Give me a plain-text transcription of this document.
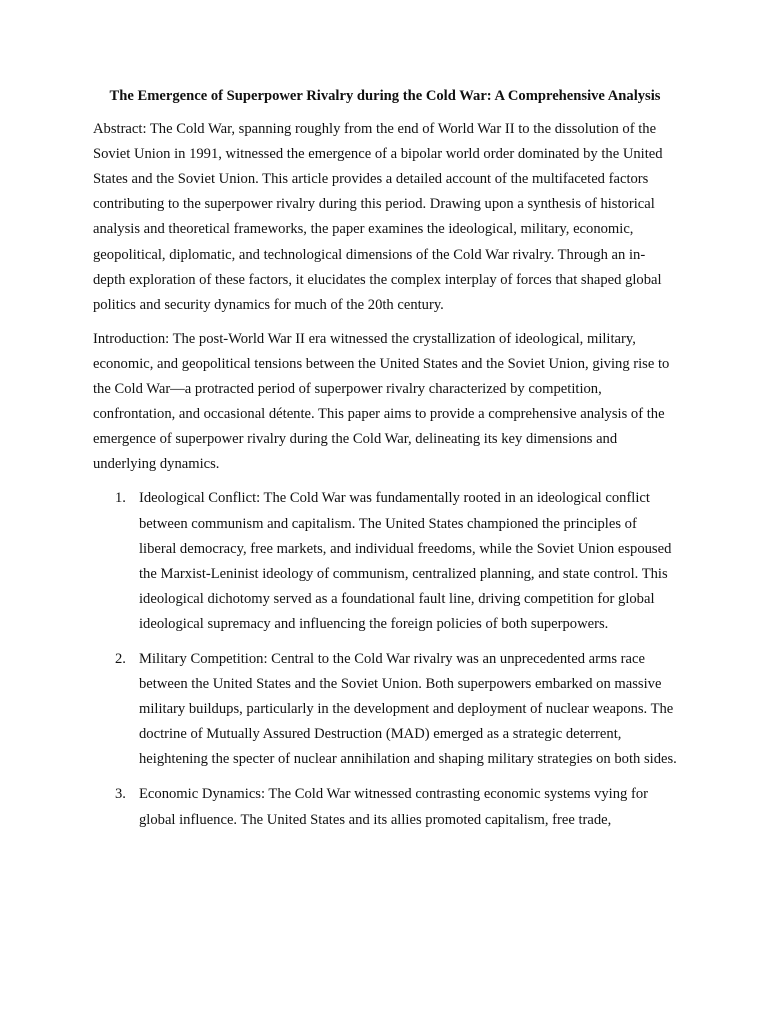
The Emergence of Superpower Rivalry during the Cold War: A Comprehensive Analysis

Abstract: The Cold War, spanning roughly from the end of World War II to the dissolution of the Soviet Union in 1991, witnessed the emergence of a bipolar world order dominated by the United States and the Soviet Union. This article provides a detailed account of the multifaceted factors contributing to the superpower rivalry during this period. Drawing upon a synthesis of historical analysis and theoretical frameworks, the paper examines the ideological, military, economic, geopolitical, diplomatic, and technological dimensions of the Cold War rivalry. Through an in-depth exploration of these factors, it elucidates the complex interplay of forces that shaped global politics and security dynamics for much of the 20th century.

Introduction: The post-World War II era witnessed the crystallization of ideological, military, economic, and geopolitical tensions between the United States and the Soviet Union, giving rise to the Cold War—a protracted period of superpower rivalry characterized by competition, confrontation, and occasional détente. This paper aims to provide a comprehensive analysis of the emergence of superpower rivalry during the Cold War, delineating its key dimensions and underlying dynamics.

1. Ideological Conflict: The Cold War was fundamentally rooted in an ideological conflict between communism and capitalism. The United States championed the principles of liberal democracy, free markets, and individual freedoms, while the Soviet Union espoused the Marxist-Leninist ideology of communism, centralized planning, and state control. This ideological dichotomy served as a foundational fault line, driving competition for global ideological supremacy and influencing the foreign policies of both superpowers.
2. Military Competition: Central to the Cold War rivalry was an unprecedented arms race between the United States and the Soviet Union. Both superpowers embarked on massive military buildups, particularly in the development and deployment of nuclear weapons. The doctrine of Mutually Assured Destruction (MAD) emerged as a strategic deterrent, heightening the specter of nuclear annihilation and shaping military strategies on both sides.
3. Economic Dynamics: The Cold War witnessed contrasting economic systems vying for global influence. The United States and its allies promoted capitalism, free trade,
